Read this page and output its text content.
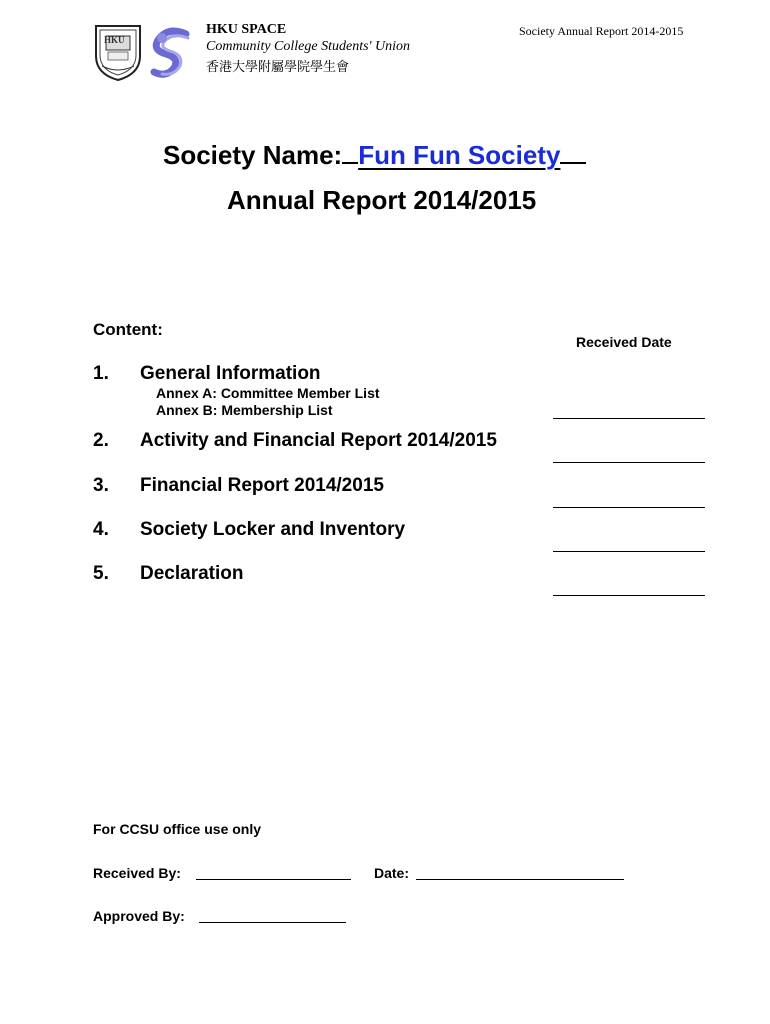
HKU
HKU SPACE
Community College Students' Union
香港大學附屬學院學生會
Society Annual Report 2014-2015
Society Name: Fun Fun Society
Annual Report 2014/2015
Content:
Received Date
1. General Information
Annex A: Committee Member List
Annex B: Membership List
2. Activity and Financial Report 2014/2015
3. Financial Report 2014/2015
4. Society Locker and Inventory
5. Declaration
For CCSU office use only
Received By:	Date:
Approved By:
